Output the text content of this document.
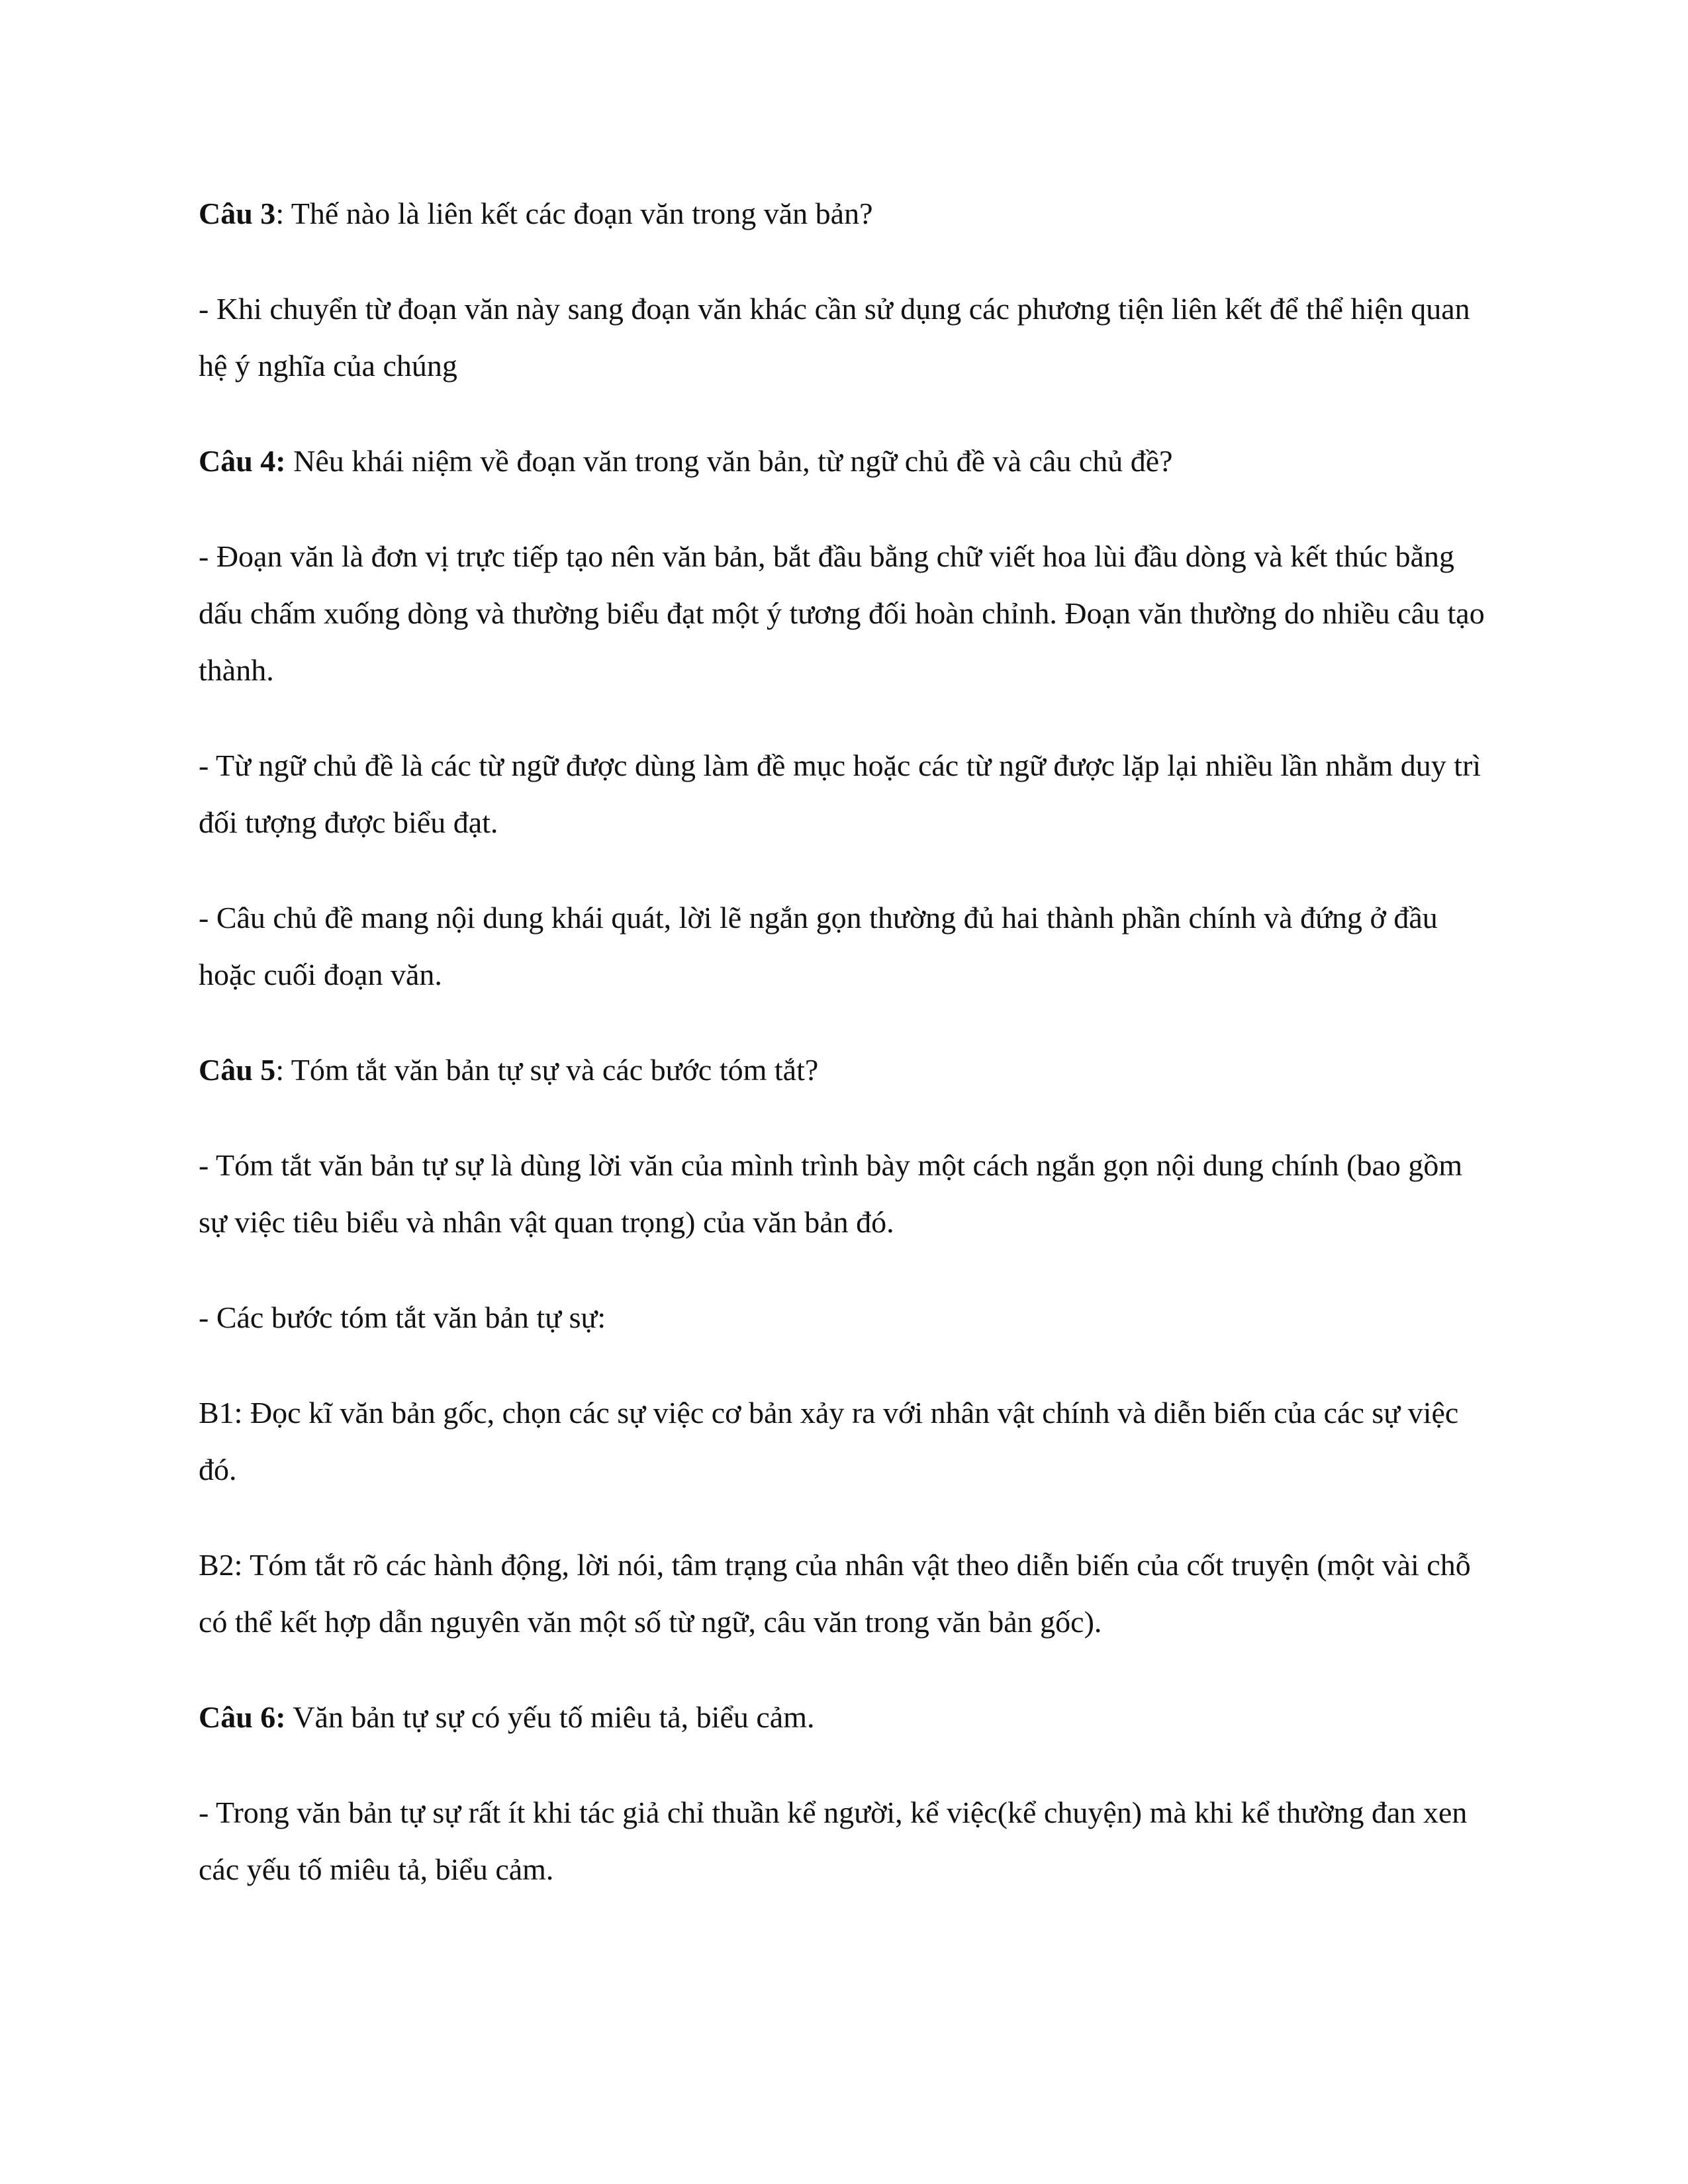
Câu 3: Thế nào là liên kết các đoạn văn trong văn bản?

- Khi chuyển từ đoạn văn này sang đoạn văn khác cần sử dụng các phương tiện liên kết để thể hiện quan hệ ý nghĩa của chúng

Câu 4: Nêu khái niệm về đoạn văn trong văn bản, từ ngữ chủ đề và câu chủ đề?

- Đoạn văn là đơn vị trực tiếp tạo nên văn bản, bắt đầu bằng chữ viết hoa lùi đầu dòng và kết thúc bằng dấu chấm xuống dòng và thường biểu đạt một ý tương đối hoàn chỉnh. Đoạn văn thường do nhiều câu tạo thành.

- Từ ngữ chủ đề là các từ ngữ được dùng làm đề mục hoặc các từ ngữ được lặp lại nhiều lần nhằm duy trì đối tượng được biểu đạt.

- Câu chủ đề mang nội dung khái quát, lời lẽ ngắn gọn thường đủ hai thành phần chính và đứng ở đầu hoặc cuối đoạn văn.

Câu 5: Tóm tắt văn bản tự sự và các bước tóm tắt?

- Tóm tắt văn bản tự sự là dùng lời văn của mình trình bày một cách ngắn gọn nội dung chính (bao gồm sự việc tiêu biểu và nhân vật quan trọng) của văn bản đó.

- Các bước tóm tắt văn bản tự sự:

B1: Đọc kĩ văn bản gốc, chọn các sự việc cơ bản xảy ra với nhân vật chính và diễn biến của các sự việc đó.

B2: Tóm tắt rõ các hành động, lời nói, tâm trạng của nhân vật theo diễn biến của cốt truyện (một vài chỗ có thể kết hợp dẫn nguyên văn một số từ ngữ, câu văn trong văn bản gốc).

Câu 6: Văn bản tự sự có yếu tố miêu tả, biểu cảm.

- Trong văn bản tự sự rất ít khi tác giả chỉ thuần kể người, kể việc(kể chuyện) mà khi kể thường đan xen các yếu tố miêu tả, biểu cảm.
